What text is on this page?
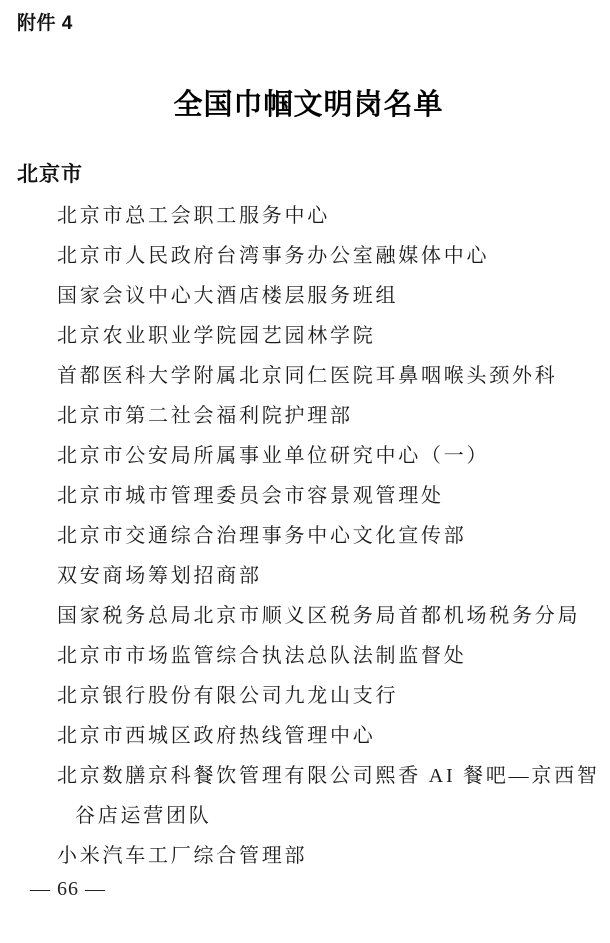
附件 4
全国巾帼文明岗名单
北京市
北京市总工会职工服务中心
北京市人民政府台湾事务办公室融媒体中心
国家会议中心大酒店楼层服务班组
北京农业职业学院园艺园林学院
首都医科大学附属北京同仁医院耳鼻咽喉头颈外科
北京市第二社会福利院护理部
北京市公安局所属事业单位研究中心（一）
北京市城市管理委员会市容景观管理处
北京市交通综合治理事务中心文化宣传部
双安商场筹划招商部
国家税务总局北京市顺义区税务局首都机场税务分局
北京市市场监管综合执法总队法制监督处
北京银行股份有限公司九龙山支行
北京市西城区政府热线管理中心
北京数膳京科餐饮管理有限公司熙香 AI 餐吧—京西智
谷店运营团队
小米汽车工厂综合管理部
— 66 —
